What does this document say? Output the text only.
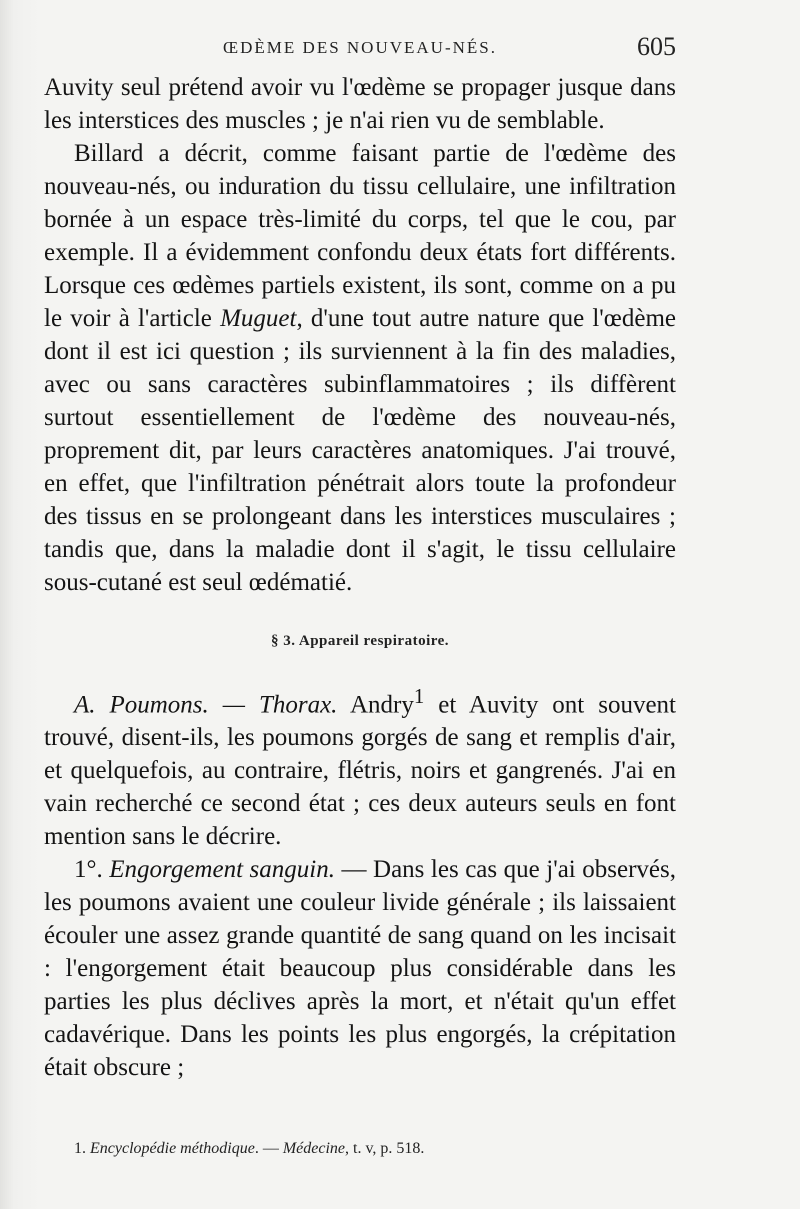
ŒDÈME DES NOUVEAU-NÉS.	605

Auvity seul prétend avoir vu l'œdème se propager jusque dans les interstices des muscles ; je n'ai rien vu de semblable.

Billard a décrit, comme faisant partie de l'œdème des nouveau-nés, ou induration du tissu cellulaire, une infiltration bornée à un espace très-limité du corps, tel que le cou, par exemple. Il a évidemment confondu deux états fort différents. Lorsque ces œdèmes partiels existent, ils sont, comme on a pu le voir à l'article Muguet, d'une tout autre nature que l'œdème dont il est ici question ; ils surviennent à la fin des maladies, avec ou sans caractères subinflammatoires ; ils diffèrent surtout essentiellement de l'œdème des nouveau-nés, proprement dit, par leurs caractères anatomiques. J'ai trouvé, en effet, que l'infiltration pénétrait alors toute la profondeur des tissus en se prolongeant dans les interstices musculaires ; tandis que, dans la maladie dont il s'agit, le tissu cellulaire sous-cutané est seul œdématié.

§ 3. Appareil respiratoire.

A. Poumons. — Thorax. Andry$^1$ et Auvity ont souvent trouvé, disent-ils, les poumons gorgés de sang et remplis d'air, et quelquefois, au contraire, flétris, noirs et gangrenés. J'ai en vain recherché ce second état ; ces deux auteurs seuls en font mention sans le décrire.

1°. Engorgement sanguin. — Dans les cas que j'ai observés, les poumons avaient une couleur livide générale ; ils laissaient écouler une assez grande quantité de sang quand on les incisait : l'engorgement était beaucoup plus considérable dans les parties les plus déclives après la mort, et n'était qu'un effet cadavérique. Dans les points les plus engorgés, la crépitation était obscure ;

1. Encyclopédie méthodique. — Médecine, t. v, p. 518.
